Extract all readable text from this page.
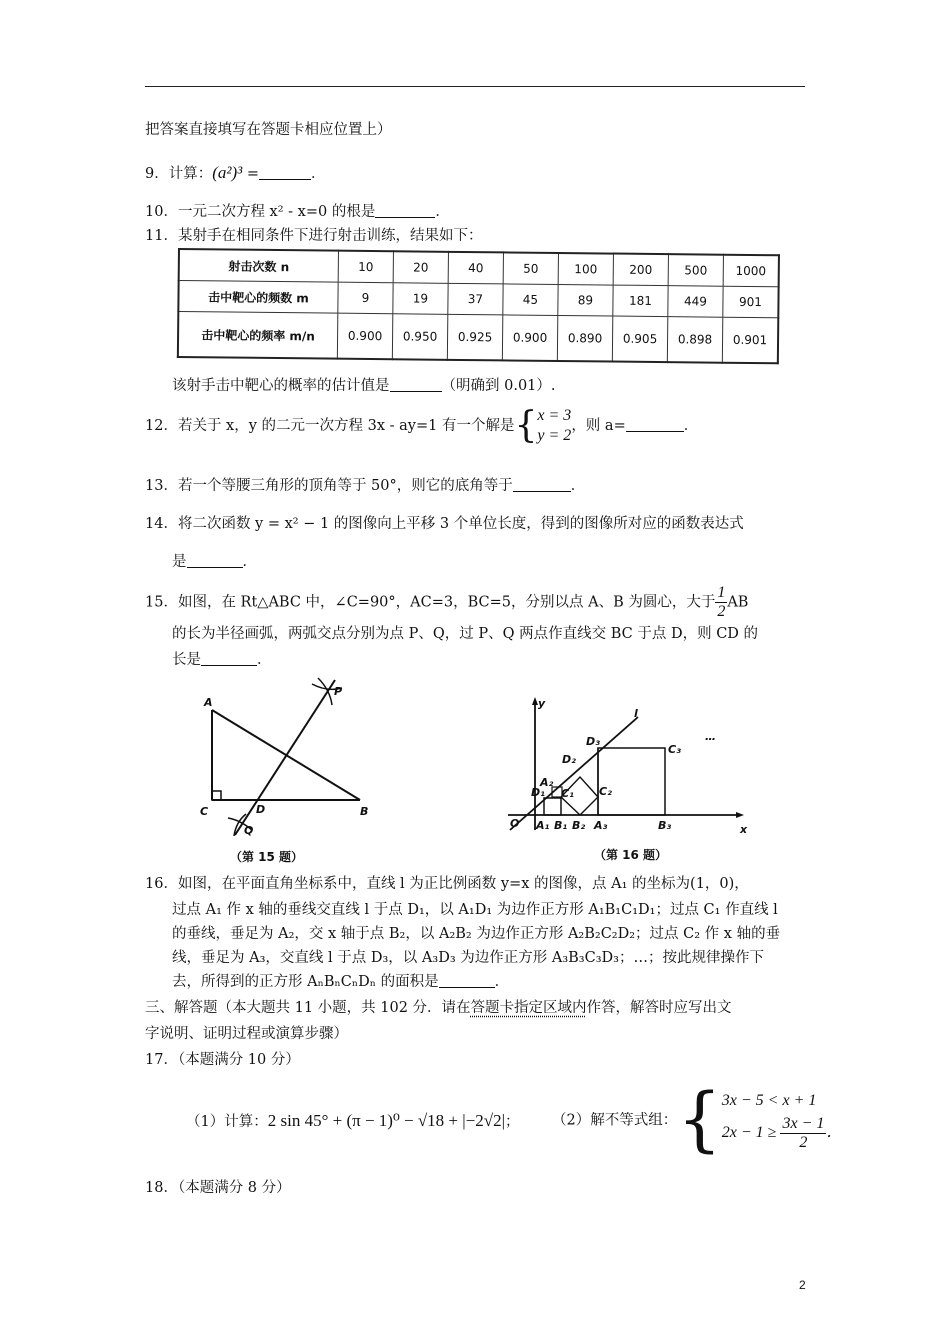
把答案直接填写在答题卡相应位置上）
9．计算：(a²)³ =	．
10．一元二次方程 x² - x=0 的根是	．
11．某射手在相同条件下进行射击训练，结果如下：
射击次数 n	10	20	40	50	100	200	500	1000
击中靶心的频数 m	9	19	37	45	89	181	449	901
击中靶心的频率 m/n	0.900	0.950	0.925	0.900	0.890	0.905	0.898	0.901
该射手击中靶心的概率的估计值是	（明确到 0.01）.
12．若关于 x，y 的二元一次方程 3x - ay=1 有一个解是{ x = 3
y = 2
，则 a=	．
13．若一个等腰三角形的顶角等于 50°，则它的底角等于	．
14．将二次函数 y = x² − 1 的图像向上平移 3 个单位长度，得到的图像所对应的函数表达式
是	．
15．如图，在 Rt△ABC 中，∠C=90°，AC=3，BC=5，分别以点 A、B 为圆心，大于 $\frac{1}{2}AB$
的长为半径画弧，两弧交点分别为点 P、Q，过 P、Q 两点作直线交 BC 于点 D，则 CD 的
长是	．
A
C	D	B
P
Q
（第 15 题）
y
x
O
l
A₁ B₁ B₂ A₃	B₃
D₁
A₂
C₁
D₂
C₂
D₃
C₃
…
（第 16 题）
16．如图，在平面直角坐标系中，直线 l 为正比例函数 y=x 的图像，点 A₁ 的坐标为(1，0)，
过点 A₁ 作 x 轴的垂线交直线 l 于点 D₁，以 A₁D₁ 为边作正方形 A₁B₁C₁D₁；过点 C₁ 作直线 l
的垂线，垂足为 A₂，交 x 轴于点 B₂，以 A₂B₂ 为边作正方形 A₂B₂C₂D₂；过点 C₂ 作 x 轴的垂
线，垂足为 A₃，交直线 l 于点 D₃，以 A₃D₃ 为边作正方形 A₃B₃C₃D₃；…；按此规律操作下
去，所得到的正方形 AₙBₙCₙDₙ 的面积是	．
三、解答题（本大题共 11 小题，共 102 分．请在答题卡指定区域内作答，解答时应写出文
字说明、证明过程或演算步骤）
17．（本题满分 10 分）
（1）计算：2 sin 45° + (π − 1)⁰ − √18 + |−2√2|； （2）解不等式组：{ 3x − 5 < x + 1
$2x - 1 \ge \frac{3x - 1}{2}$．
18．（本题满分 8 分）
2
